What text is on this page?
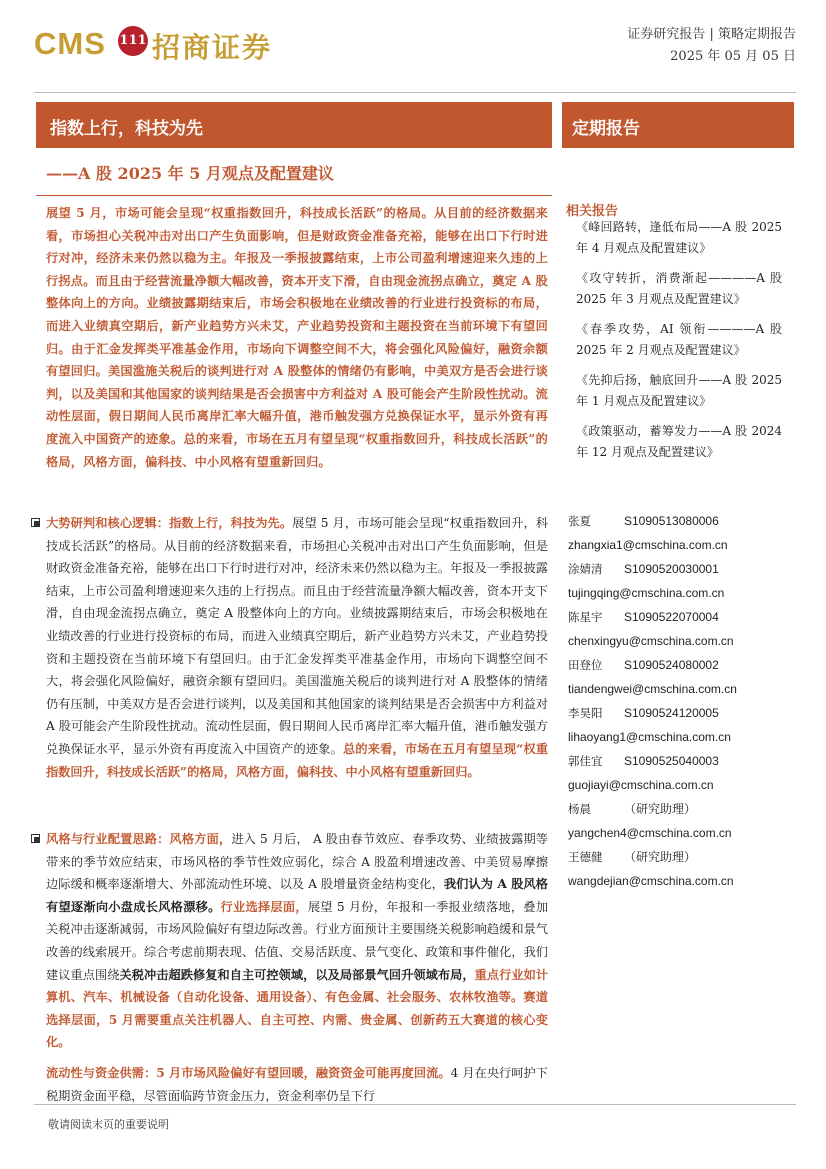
CMS 111 招商证券	证券研究报告 | 策略定期报告
2025 年 05 月 05 日
指数上行，科技为先	定期报告
——A 股 2025 年 5 月观点及配置建议
展望 5 月，市场可能会呈现“权重指数回升，科技成长活跃”的格局。从目前的经济数据来看，市场担心关税冲击对出口产生负面影响，但是财政资金准备充裕，能够在出口下行时进行对冲，经济未来仍然以稳为主。年报及一季报披露结束，上市公司盈利增速迎来久违的上行拐点。而且由于经营流量净额大幅改善，资本开支下滑，自由现金流拐点确立，奠定 A 股整体向上的方向。业绩披露期结束后，市场会积极地在业绩改善的行业进行投资标的布局，而进入业绩真空期后，新产业趋势方兴未艾，产业趋势投资和主题投资在当前环境下有望回归。由于汇金发挥类平准基金作用，市场向下调整空间不大，将会强化风险偏好，融资余额有望回归。美国滥施关税后的谈判进行对 A 股整体的情绪仍有影响，中美双方是否会进行谈判，以及美国和其他国家的谈判结果是否会损害中方利益对 A 股可能会产生阶段性扰动。流动性层面，假日期间人民币离岸汇率大幅升值，港币触发强方兑换保证水平，显示外资有再度流入中国资产的迹象。总的来看，市场在五月有望呈现“权重指数回升，科技成长活跃”的格局，风格方面，偏科技、中小风格有望重新回归。
大势研判和核心逻辑：指数上行，科技为先。展望 5 月，市场可能会呈现“权重指数回升，科技成长活跃”的格局。从目前的经济数据来看，市场担心关税冲击对出口产生负面影响，但是财政资金准备充裕，能够在出口下行时进行对冲，经济未来仍然以稳为主。年报及一季报披露结束，上市公司盈利增速迎来久违的上行拐点。而且由于经营流量净额大幅改善，资本开支下滑，自由现金流拐点确立，奠定 A 股整体向上的方向。业绩披露期结束后，市场会积极地在业绩改善的行业进行投资标的布局，而进入业绩真空期后，新产业趋势方兴未艾，产业趋势投资和主题投资在当前环境下有望回归。由于汇金发挥类平准基金作用，市场向下调整空间不大，将会强化风险偏好，融资余额有望回归。美国滥施关税后的谈判进行对 A 股整体的情绪仍有压制，中美双方是否会进行谈判，以及美国和其他国家的谈判结果是否会损害中方利益对 A 股可能会产生阶段性扰动。流动性层面，假日期间人民币离岸汇率大幅升值，港币触发强方兑换保证水平，显示外资有再度流入中国资产的迹象。总的来看，市场在五月有望呈现“权重指数回升，科技成长活跃”的格局，风格方面，偏科技、中小风格有望重新回归。
风格与行业配置思路：风格方面，进入 5 月后， A 股由春节效应、春季攻势、业绩披露期等带来的季节效应结束，市场风格的季节性效应弱化，综合 A 股盈利增速改善、中美贸易摩擦边际缓和概率逐渐增大、外部流动性环境、以及 A 股增量资金结构变化，我们认为 A 股风格有望逐渐向小盘成长风格漂移。行业选择层面，展望 5 月份，年报和一季报业绩落地，叠加关税冲击逐渐减弱，市场风险偏好有望边际改善。行业方面预计主要围绕关税影响趋缓和景气改善的线索展开。综合考虑前期表现、估值、交易活跃度、景气变化、政策和事件催化，我们建议重点围绕关税冲击超跌修复和自主可控领域，以及局部景气回升领域布局，重点行业如计算机、汽车、机械设备（自动化设备、通用设备）、有色金属、社会服务、农林牧渔等。赛道选择层面，5 月需要重点关注机器人、自主可控、内需、贵金属、创新药五大赛道的核心变化。
流动性与资金供需：5 月市场风险偏好有望回暖，融资资金可能再度回流。4 月在央行呵护下税期资金面平稳，尽管面临跨节资金压力，资金利率仍呈下行
相关报告
《峰回路转，逢低布局——A 股 2025 年 4 月观点及配置建议》
《攻守转折，消费渐起————A 股 2025 年 3 月观点及配置建议》
《春季攻势，AI 领衔————A 股 2025 年 2 月观点及配置建议》
《先抑后扬，触底回升——A 股 2025 年 1 月观点及配置建议》
《政策驱动，蓄筹发力——A 股 2024 年 12 月观点及配置建议》
张夏	S1090513080006
zhangxia1@cmschina.com.cn
涂婧清 S1090520030001
tujingqing@cmschina.com.cn
陈星宇 S1090522070004
chenxingyu@cmschina.com.cn
田登位 S1090524080002
tiandengwei@cmschina.com.cn
李昊阳 S1090524120005
lihaoyang1@cmschina.com.cn
郭佳宜 S1090525040003
guojiayi@cmschina.com.cn
杨晨	（研究助理）
yangchen4@cmschina.com.cn
王德健 （研究助理）
wangdejian@cmschina.com.cn
敬请阅读末页的重要说明
